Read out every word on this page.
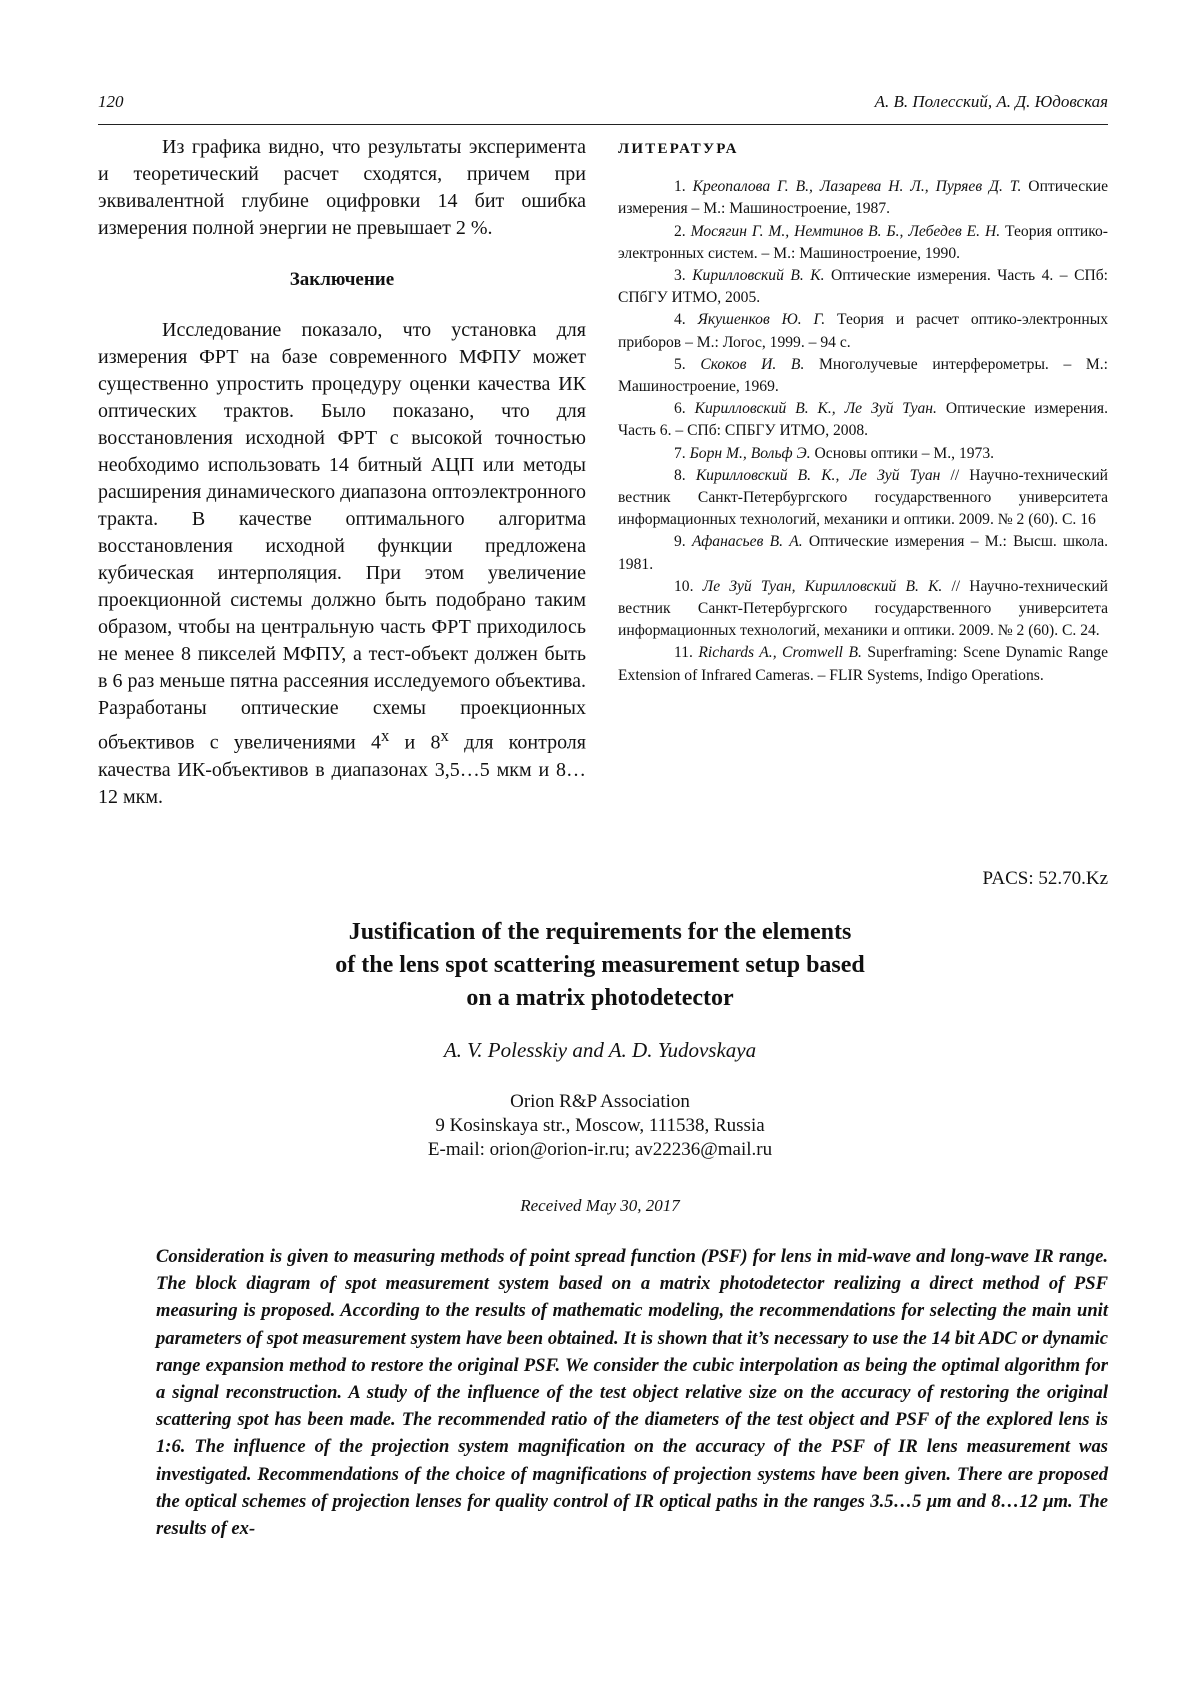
120	А. В. Полесский, А. Д. Юдовская

Из графика видно, что результаты эксперимента и теоретический расчет сходятся, причем при эквивалентной глубине оцифровки 14 бит ошибка измерения полной энергии не превышает 2 %.

Заключение

Исследование показало, что установка для измерения ФРТ на базе современного МФПУ может существенно упростить процедуру оценки качества ИК оптических трактов. Было показано, что для восстановления исходной ФРТ с высокой точностью необходимо использовать 14 битный АЦП или методы расширения динамического диапазона оптоэлектронного тракта. В качестве оптимального алгоритма восстановления исходной функции предложена кубическая интерполяция. При этом увеличение проекционной системы должно быть подобрано таким образом, чтобы на центральную часть ФРТ приходилось не менее 8 пикселей МФПУ, а тест-объект должен быть в 6 раз меньше пятна рассеяния исследуемого объектива. Разработаны оптические схемы проекционных объективов с увеличениями 4$^x$ и 8$^x$ для контроля качества ИК-объективов в диапазонах 3,5…5 мкм и 8…12 мкм.

ЛИТЕРАТУРА

1. Креопалова Г. В., Лазарева Н. Л., Пуряев Д. Т. Оптические измерения – М.: Машиностроение, 1987.

2. Мосягин Г. М., Немтинов В. Б., Лебедев Е. Н. Теория оптико-электронных систем. – М.: Машиностроение, 1990.

3. Кирилловский В. К. Оптические измерения. Часть 4. – СПб: СПбГУ ИТМО, 2005.

4. Якушенков Ю. Г. Теория и расчет оптико-электронных приборов – М.: Логос, 1999. – 94 с.

5. Скоков И. В. Многолучевые интерферометры. – М.: Машиностроение, 1969.

6. Кирилловский В. К., Ле Зуй Туан. Оптические измерения. Часть 6. – СПб: СПБГУ ИТМО, 2008.

7. Борн М., Вольф Э. Основы оптики – М., 1973.

8. Кирилловский В. К., Ле Зуй Туан // Научно-технический вестник Санкт-Петербургского государственного университета информационных технологий, механики и оптики. 2009. № 2 (60). С. 16

9. Афанасьев В. А. Оптические измерения – М.: Высш. школа. 1981.

10. Ле Зуй Туан, Кирилловский В. К. // Научно-технический вестник Санкт-Петербургского государственного университета информационных технологий, механики и оптики. 2009. № 2 (60). С. 24.

11. Richards A., Cromwell B. Superframing: Scene Dynamic Range Extension of Infrared Cameras. – FLIR Systems, Indigo Operations.

PACS: 52.70.Kz
Justification of the requirements for the elements
of the lens spot scattering measurement setup based
on a matrix photodetector
A. V. Polesskiy and A. D. Yudovskaya
Orion R&P Association
9 Kosinskaya str., Moscow, 111538, Russia
E-mail: orion@orion-ir.ru; av22236@mail.ru
Received May 30, 2017

Consideration is given to measuring methods of point spread function (PSF) for lens in mid-wave and long-wave IR range. The block diagram of spot measurement system based on a matrix photodetector realizing a direct method of PSF measuring is proposed. According to the results of mathematic modeling, the recommendations for selecting the main unit parameters of spot measurement system have been obtained. It is shown that it’s necessary to use the 14 bit ADC or dynamic range expansion method to restore the original PSF. We consider the cubic interpolation as being the optimal algorithm for a signal reconstruction. A study of the influence of the test object relative size on the accuracy of restoring the original scattering spot has been made. The recommended ratio of the diameters of the test object and PSF of the explored lens is 1:6. The influence of the projection system magnification on the accuracy of the PSF of IR lens measurement was investigated. Recommendations of the choice of magnifications of projection systems have been given. There are proposed the optical schemes of projection lenses for quality control of IR optical paths in the ranges 3.5…5 μm and 8…12 μm. The results of ex-
